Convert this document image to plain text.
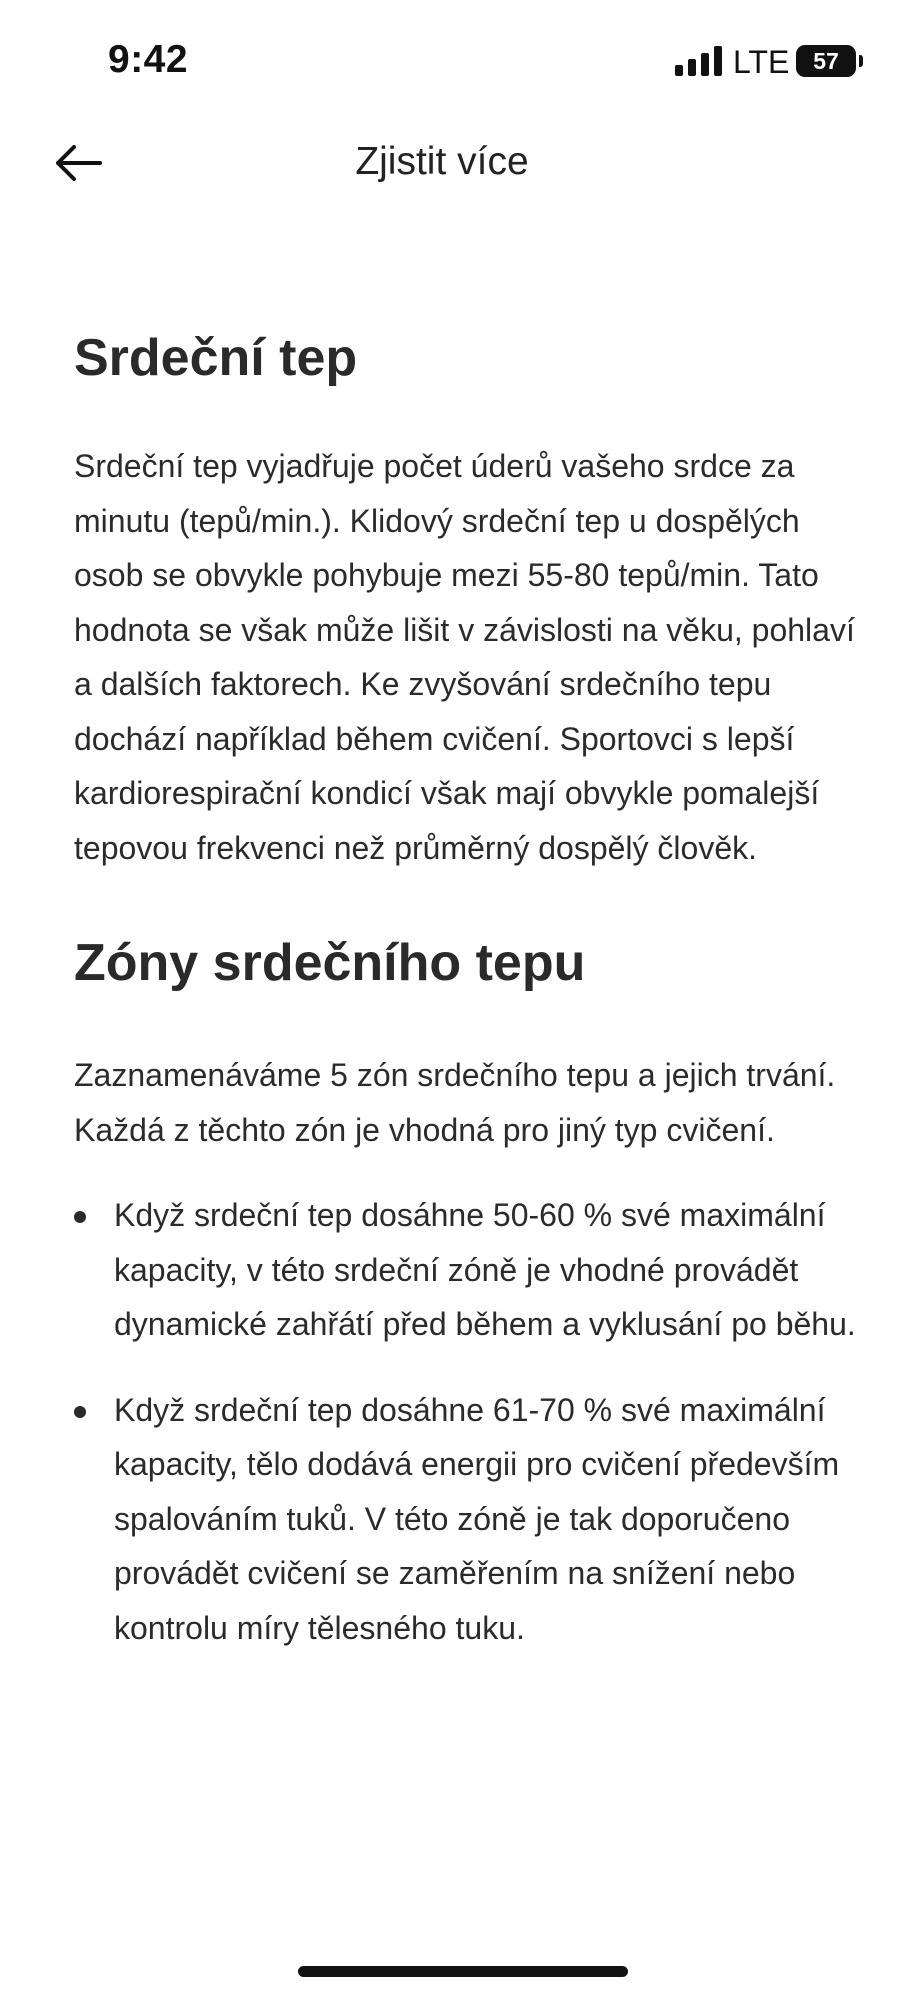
9:42	LTE	57
Zjistit více
Srdeční tep

Srdeční tep vyjadřuje počet úderů vašeho srdce za minutu (tepů/min.). Klidový srdeční tep u dospělých osob se obvykle pohybuje mezi 55-80 tepů/min. Tato hodnota se však může lišit v závislosti na věku, pohlaví a dalších faktorech. Ke zvyšování srdečního tepu dochází například během cvičení. Sportovci s lepší kardiorespirační kondicí však mají obvykle pomalejší tepovou frekvenci než průměrný dospělý člověk.

Zóny srdečního tepu

Zaznamenáváme 5 zón srdečního tepu a jejich trvání. Každá z těchto zón je vhodná pro jiný typ cvičení.

Když srdeční tep dosáhne 50-60 % své maximální kapacity, v této srdeční zóně je vhodné provádět dynamické zahřátí před během a vyklusání po běhu.

Když srdeční tep dosáhne 61-70 % své maximální kapacity, tělo dodává energii pro cvičení především spalováním tuků. V této zóně je tak doporučeno provádět cvičení se zaměřením na snížení nebo kontrolu míry tělesného tuku.
